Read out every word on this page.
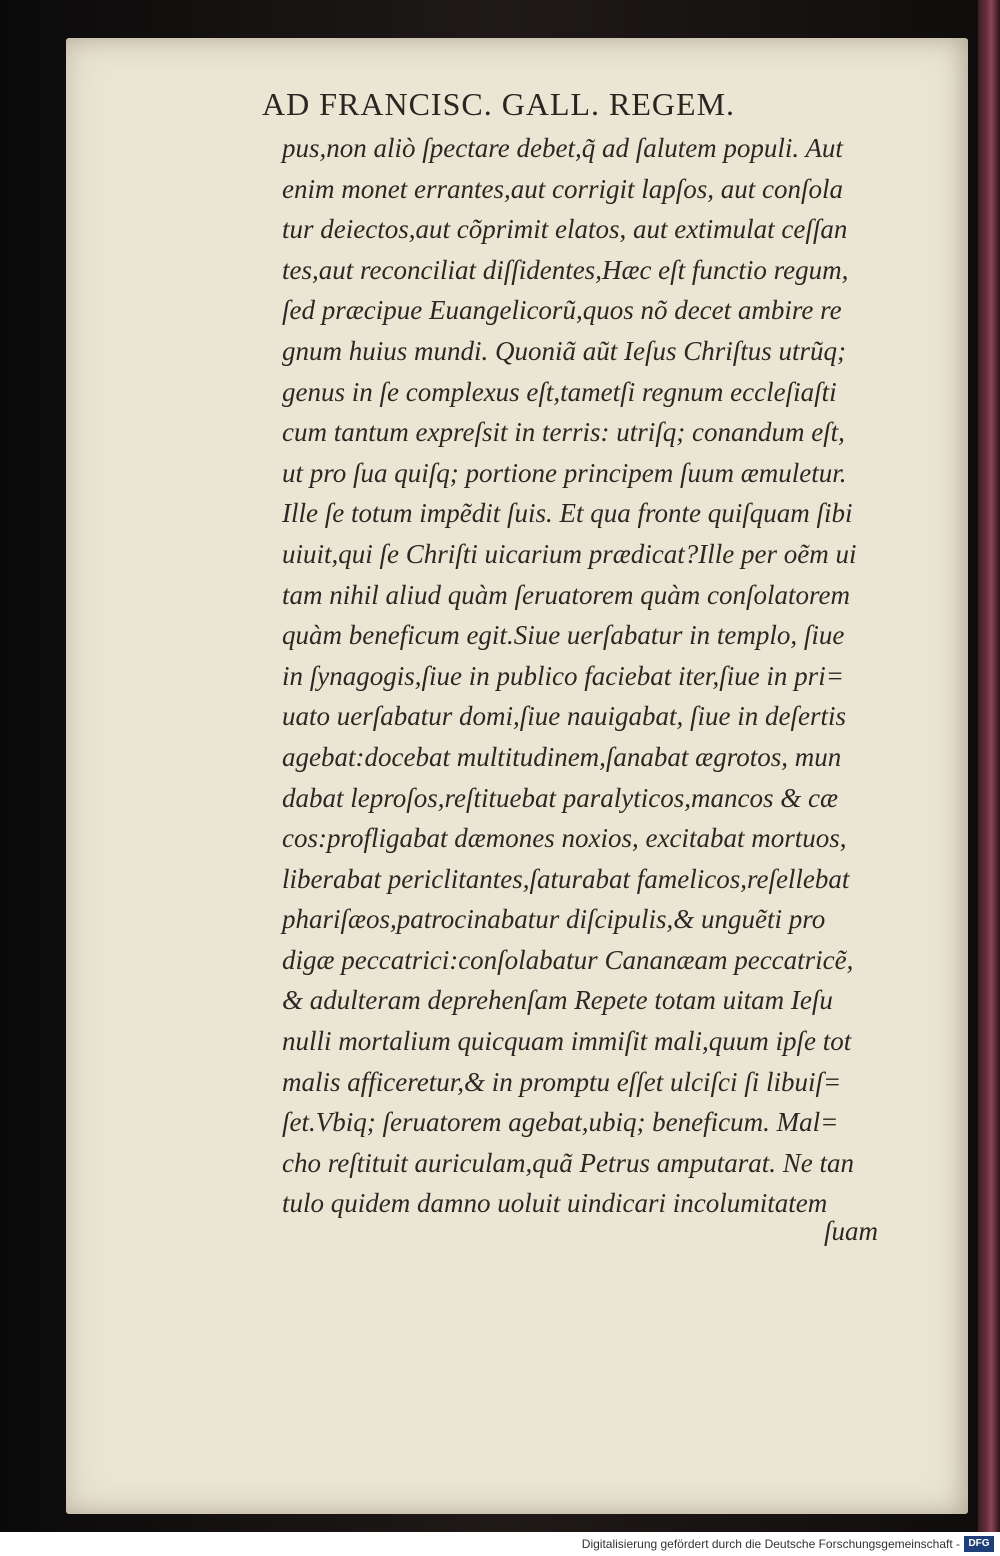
AD FRANCISC. GALL. REGEM.
pus,non aliò ſpectare debet,q̃ ad ſalutem populi. Aut
enim monet errantes,aut corrigit lapſos, aut conſola
tur deiectos,aut cõprimit elatos, aut extimulat ceſſan
tes,aut reconciliat diſſidentes,Hæc eſt functio regum,
ſed præcipue Euangelicorũ,quos nõ decet ambire re
gnum huius mundi. Quoniã aũt Ieſus Chriſtus utrũq;
genus in ſe complexus eſt,tametſi regnum eccleſiaſti
cum tantum expreſsit in terris: utriſq; conandum eſt,
ut pro ſua quiſq; portione principem ſuum æmuletur.
Ille ſe totum impẽdit ſuis. Et qua fronte quiſquam ſibi
uiuit,qui ſe Chriſti uicarium prædicat?Ille per oẽm ui
tam nihil aliud quàm ſeruatorem quàm conſolatorem
quàm beneficum egit.Siue uerſabatur in templo, ſiue
in ſynagogis,ſiue in publico faciebat iter,ſiue in pri=
uato uerſabatur domi,ſiue nauigabat, ſiue in deſertis
agebat:docebat multitudinem,ſanabat ægrotos, mun
dabat leproſos,reſtituebat paralyticos,mancos & cæ
cos:profligabat dæmones noxios, excitabat mortuos,
liberabat periclitantes,ſaturabat famelicos,reſellebat
phariſæos,patrocinabatur diſcipulis,& unguẽti pro
digæ peccatrici:conſolabatur Cananæam peccatricẽ,
& adulteram deprehenſam Repete totam uitam Ieſu
nulli mortalium quicquam immiſit mali,quum ipſe tot
malis afficeretur,& in promptu eſſet ulciſci ſi libuiſ=
ſet.Vbiq; ſeruatorem agebat,ubiq; beneficum. Mal=
cho reſtituit auriculam,quã Petrus amputarat. Ne tan
tulo quidem damno uoluit uindicari incolumitatem
ſuam
Digitalisierung gefördert durch die Deutsche Forschungsgemeinschaft - DFG
